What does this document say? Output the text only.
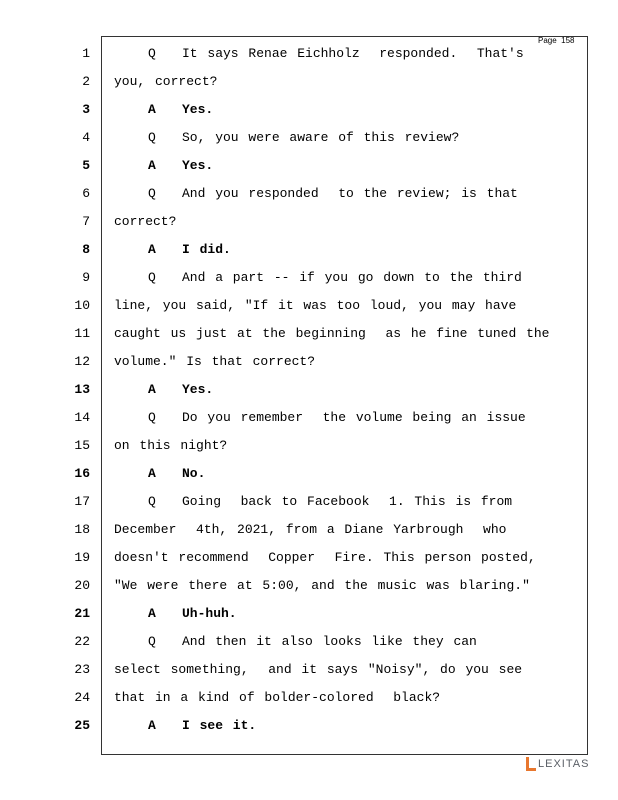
Page 158
1	Q It says Renae Eichholz  responded.  That's
2 you, correct?
3	A Yes.
4	Q So, you were aware of this review?
5	A Yes.
6	Q And you responded  to the review; is that
7 correct?
8	A I did.
9	Q And a part -- if you go down to the third
10 line, you said, "If it was too loud, you may have
11 caught us just at the beginning  as he fine tuned the
12 volume." Is that correct?
13	A Yes.
14	Q Do you remember  the volume being an issue
15 on this night?
16	A No.
17	Q Going  back to Facebook  1. This is from
18 December  4th, 2021, from a Diane Yarbrough  who
19 doesn't recommend  Copper  Fire. This person posted,
20 "We were there at 5:00, and the music was blaring."
21	A Uh-huh.
22	Q And then it also looks like they can
23 select something,  and it says "Noisy", do you see
24 that in a kind of bolder-colored  black?
25	A I see it.
LEXITAS
